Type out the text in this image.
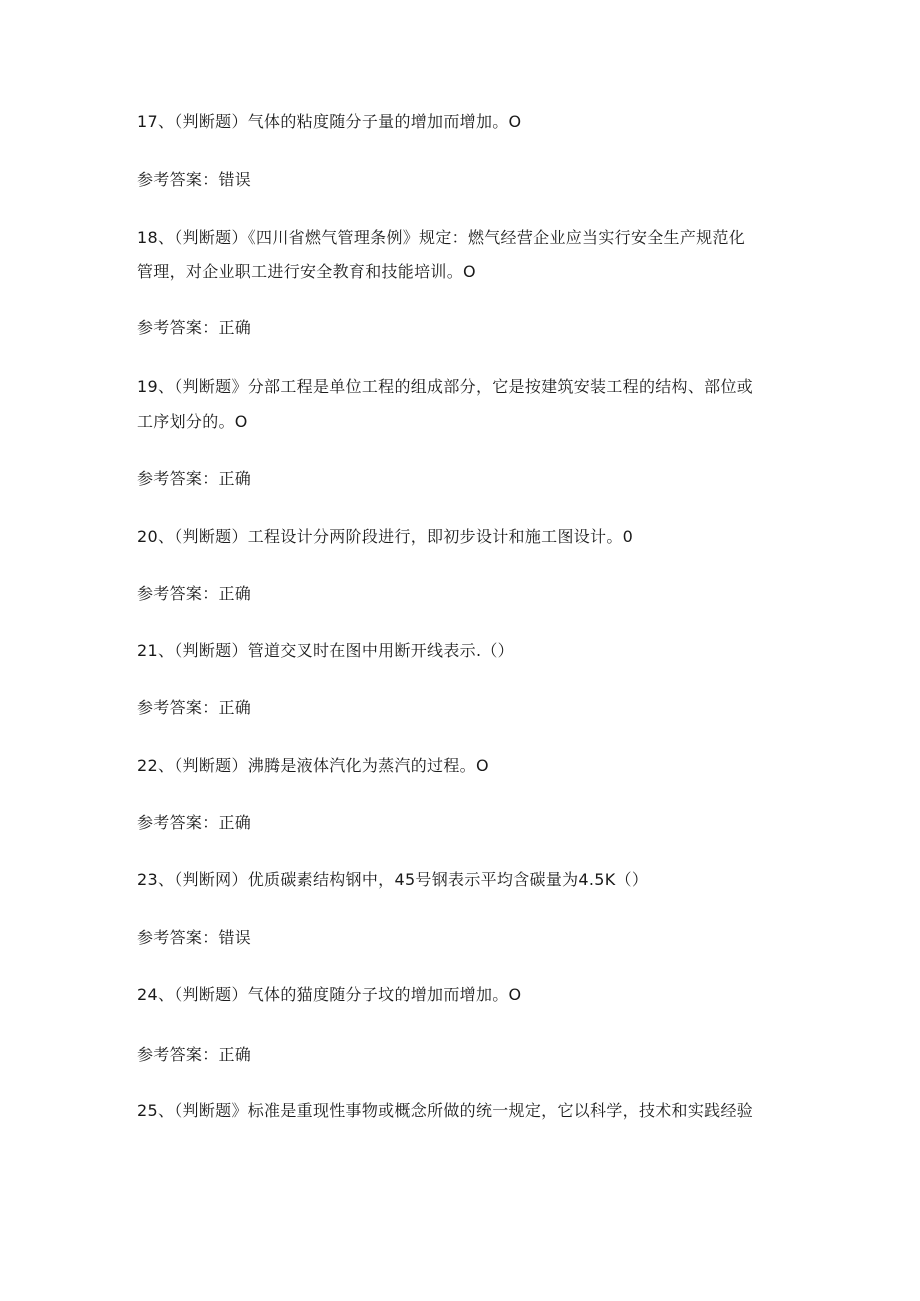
17、（判断题）气体的粘度随分子量的增加而增加。O
参考答案：错误
18、（判断题）《四川省燃气管理条例》规定：燃气经营企业应当实行安全生产规范化
管理，对企业职工进行安全教育和技能培训。O
参考答案：正确
19、（判断题》分部工程是单位工程的组成部分，它是按建筑安装工程的结构、部位或
工序划分的。O
参考答案：正确
20、（判断题）工程设计分两阶段进行，即初步设计和施工图设计。0
参考答案：正确
21、（判断题）管道交叉时在图中用断开线表示.（）
参考答案：正确
22、（判断题）沸腾是液体汽化为蒸汽的过程。O
参考答案：正确
23、（判断网）优质碳素结构钢中，45号钢表示平均含碳量为4.5K（）
参考答案：错误
24、（判断题）气体的猫度随分子坟的增加而增加。O
参考答案：正确
25、（判断题》标准是重现性事物或概念所做的统一规定，它以科学，技术和实践经验
